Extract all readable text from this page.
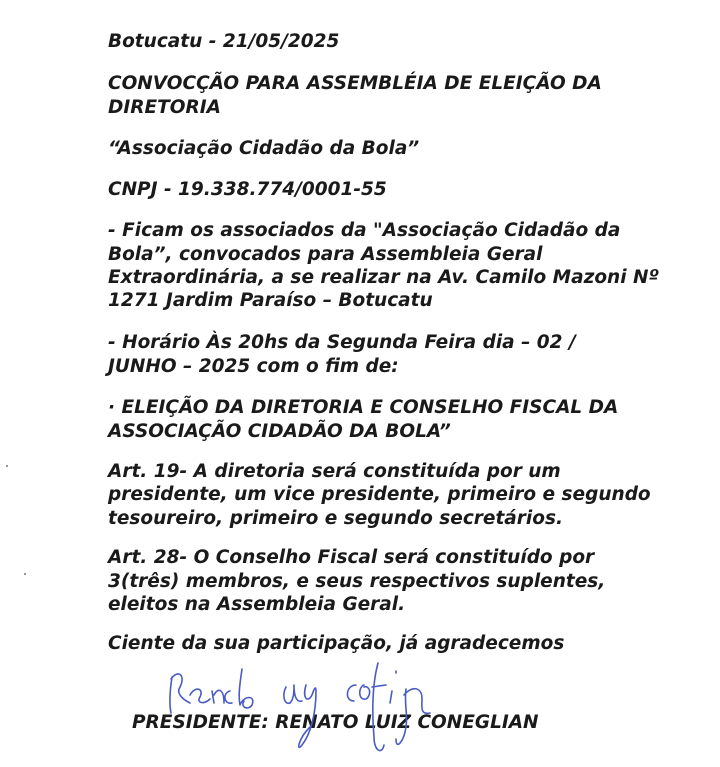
Botucatu - 21/05/2025
CONVOCÇÃO PARA ASSEMBLÉIA DE ELEIÇÃO DA
DIRETORIA
“Associação Cidadão da Bola”
CNPJ - 19.338.774/0001-55
- Ficam os associados da "Associação Cidadão da
Bola”, convocados para Assembleia Geral
Extraordinária, a se realizar na Av. Camilo Mazoni Nº
1271 Jardim Paraíso – Botucatu
- Horário Às 20hs da Segunda Feira dia – 02 /
JUNHO – 2025 com o fim de:
· ELEIÇÃO DA DIRETORIA E CONSELHO FISCAL DA
ASSOCIAÇÃO CIDADÃO DA BOLA”
Art. 19- A diretoria será constituída por um
presidente, um vice presidente, primeiro e segundo
tesoureiro, primeiro e segundo secretários.
Art. 28- O Conselho Fiscal será constituído por
3(três) membros, e seus respectivos suplentes,
eleitos na Assembleia Geral.
Ciente da sua participação, já agradecemos
PRESIDENTE: RENATO LUIZ CONEGLIAN
